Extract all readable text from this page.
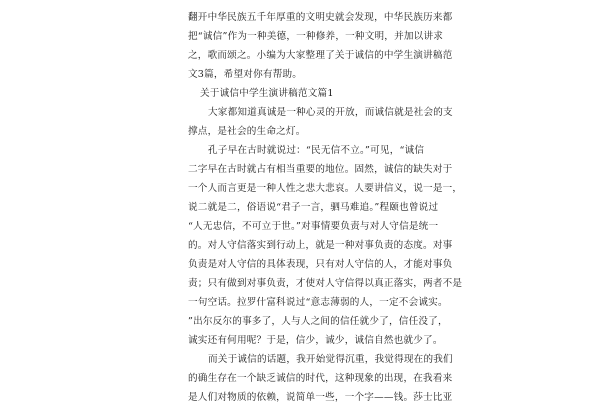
翻开中华民族五千年厚重的文明史就会发现，中华民族历来都
把“诚信”作为一种美德，一种修养，一种文明，并加以讲求
之，歌而颂之。小编为大家整理了关于诚信的中学生演讲稿范
文3篇，希望对你有帮助。
关于诚信中学生演讲稿范文篇1
大家都知道真诚是一种心灵的开放，而诚信就是社会的支
撑点，是社会的生命之灯。
孔子早在古时就说过：“民无信不立。”可见，“诚信
二字早在古时就占有相当重要的地位。固然，诚信的缺失对于
一个人而言更是一种人性之悲大悲哀。人要讲信义，说一是一，
说二就是二，俗语说“君子一言，驷马难追。”程颐也曾说过
“人无忠信，不可立于世。”对事情要负责与对人守信是统一
的。对人守信落实到行动上，就是一种对事负责的态度。对事
负责是对人守信的具体表现，只有对人守信的人，才能对事负
责；只有做到对事负责，才使对人守信得以真正落实，两者不是
一句空话。拉罗什富科说过“意志薄弱的人，一定不会诚实。
”出尔反尔的事多了，人与人之间的信任就少了，信任没了，
诚实还有何用呢？于是，信少，诚少，诚信自然也就少了。
而关于诚信的话题，我开始觉得沉重，我觉得现在的我们
的确生存在一个缺乏诚信的时代，这种现象的出现，在我看来
是人们对物质的依赖，说简单一些，一个字——钱。莎士比亚
